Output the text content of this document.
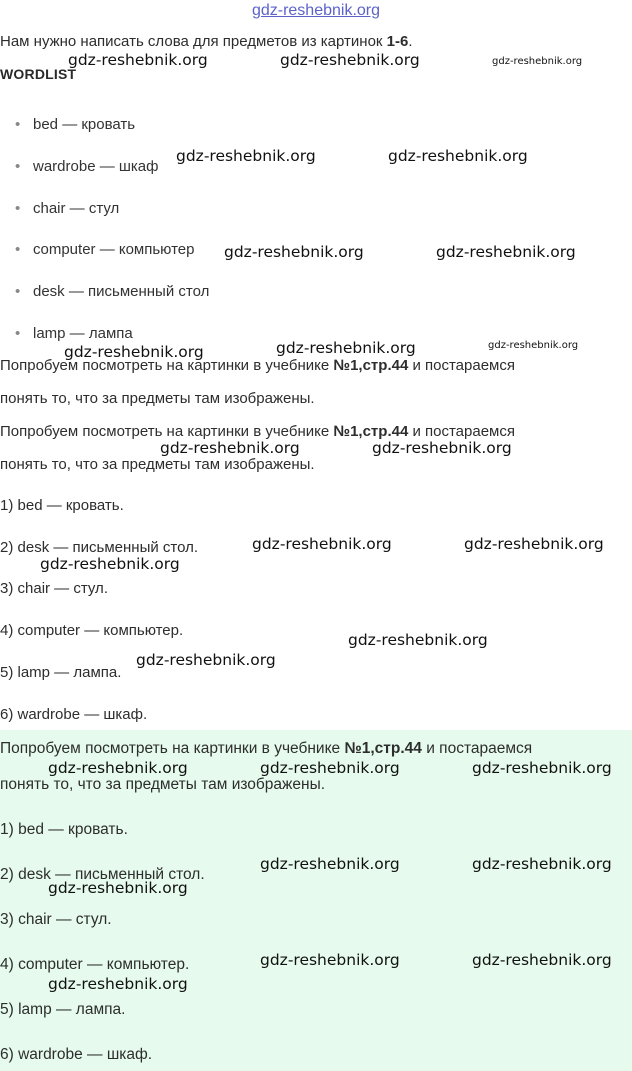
gdz-reshebnik.org
Нам нужно написать слова для предметов из картинок 1-6.
WORDLIST
• bed — кровать
• wardrobe — шкаф
• chair — стул
• computer — компьютер
• desk — письменный стол
• lamp — лампа
Попробуем посмотреть на картинки в учебнике №1,стр.44 и постараемся
понять то, что за предметы там изображены.
Попробуем посмотреть на картинки в учебнике №1,стр.44 и постараемся
понять то, что за предметы там изображены.
1) bed — кровать.
2) desk — письменный стол.
3) chair — стул.
4) computer — компьютер.
5) lamp — лампа.
6) wardrobe — шкаф.
Попробуем посмотреть на картинки в учебнике №1,стр.44 и постараемся
понять то, что за предметы там изображены.
1) bed — кровать.
2) desk — письменный стол.
3) chair — стул.
4) computer — компьютер.
5) lamp — лампа.
6) wardrobe — шкаф.
gdz-reshebnik.org	gdz-reshebnik.org	gdz-reshebnik.org
gdz-reshebnik.org	gdz-reshebnik.org
gdz-reshebnik.org	gdz-reshebnik.org
gdz-reshebnik.org	gdz-reshebnik.org	gdz-reshebnik.org
gdz-reshebnik.org	gdz-reshebnik.org
gdz-reshebnik.org	gdz-reshebnik.org
gdz-reshebnik.org
gdz-reshebnik.org
gdz-reshebnik.org
gdz-reshebnik.org	gdz-reshebnik.org	gdz-reshebnik.org
gdz-reshebnik.org	gdz-reshebnik.org
gdz-reshebnik.org
gdz-reshebnik.org	gdz-reshebnik.org
gdz-reshebnik.org
